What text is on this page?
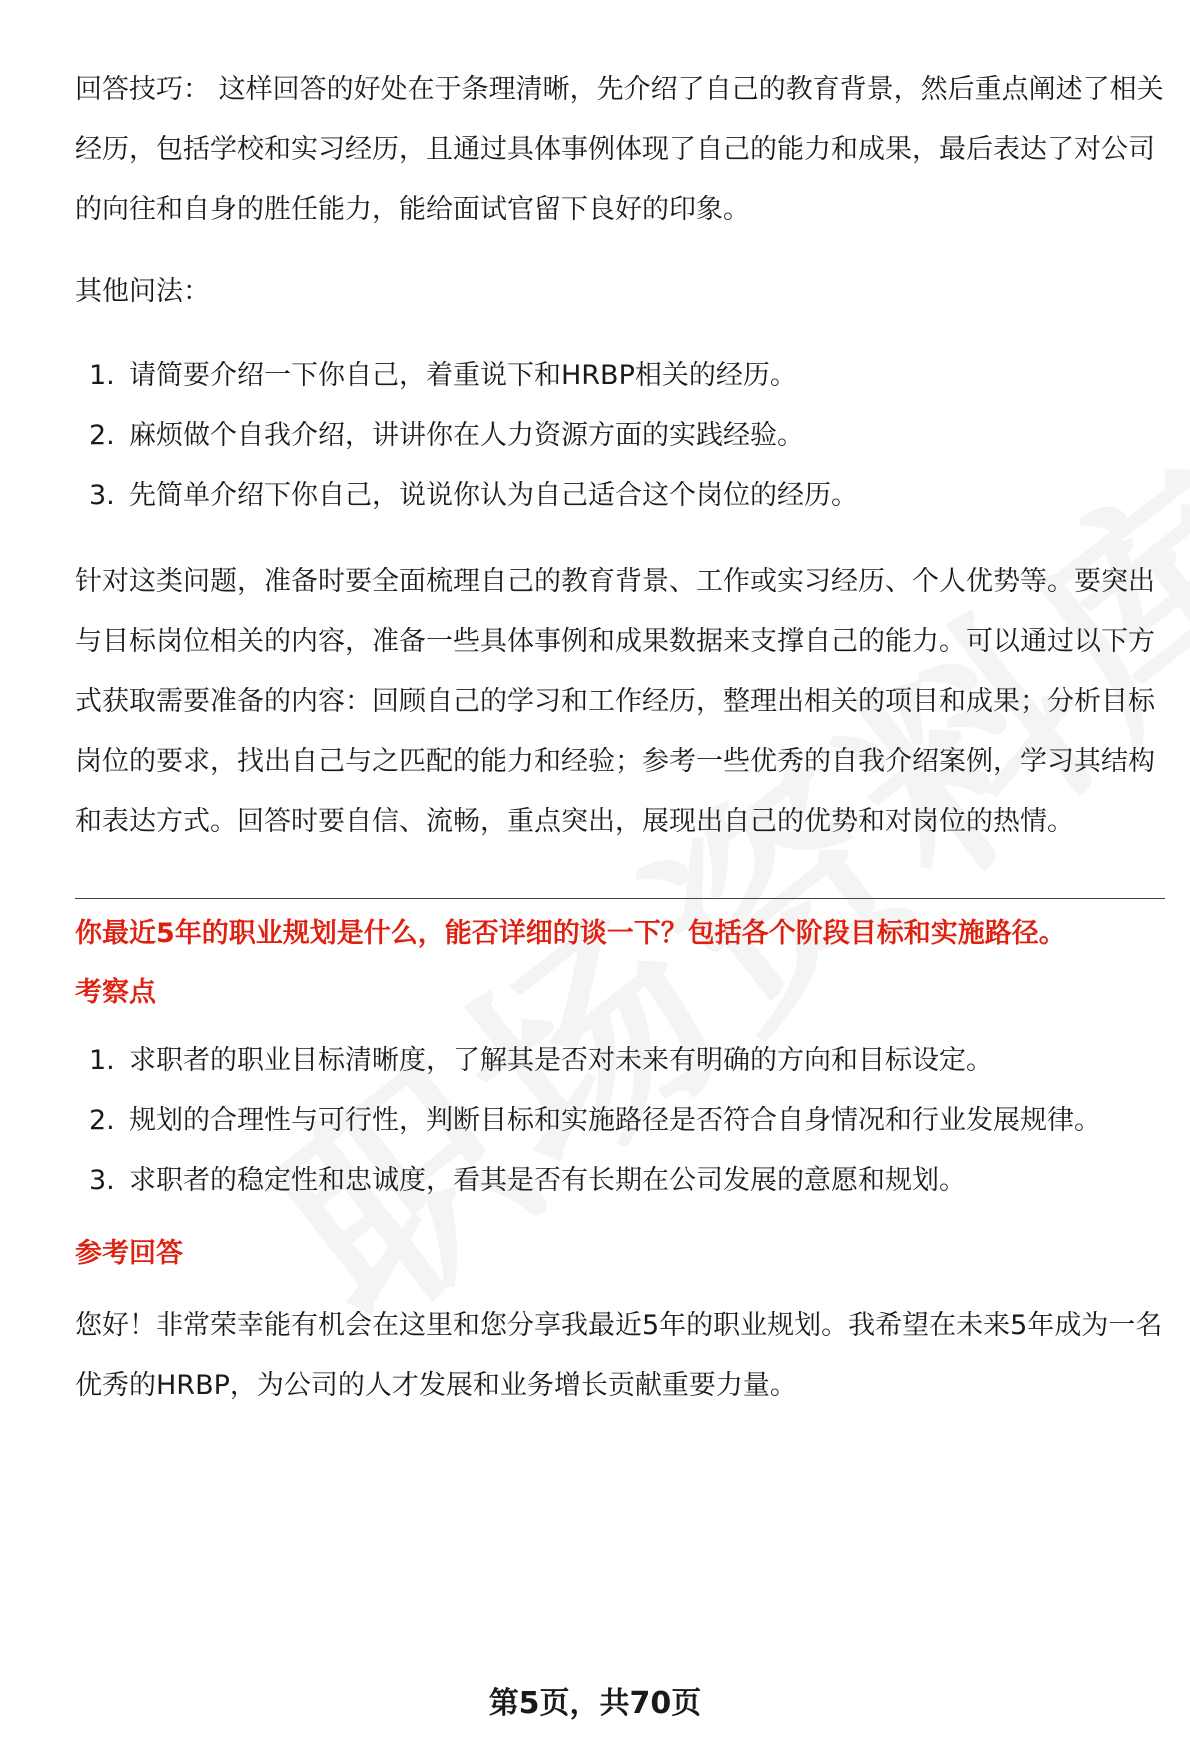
回答技巧： 这样回答的好处在于条理清晰，先介绍了自己的教育背景，然后重点阐述了相关经历，包括学校和实习经历，且通过具体事例体现了自己的能力和成果，最后表达了对公司的向往和自身的胜任能力，能给面试官留下良好的印象。

其他问法：

1. 请简要介绍一下你自己，着重说下和HRBP相关的经历。
2. 麻烦做个自我介绍，讲讲你在人力资源方面的实践经验。
3. 先简单介绍下你自己，说说你认为自己适合这个岗位的经历。

针对这类问题，准备时要全面梳理自己的教育背景、工作或实习经历、个人优势等。要突出与目标岗位相关的内容，准备一些具体事例和成果数据来支撑自己的能力。可以通过以下方式获取需要准备的内容：回顾自己的学习和工作经历，整理出相关的项目和成果；分析目标岗位的要求，找出自己与之匹配的能力和经验；参考一些优秀的自我介绍案例，学习其结构和表达方式。回答时要自信、流畅，重点突出，展现出自己的优势和对岗位的热情。

你最近5年的职业规划是什么，能否详细的谈一下？包括各个阶段目标和实施路径。
考察点
1. 求职者的职业目标清晰度，了解其是否对未来有明确的方向和目标设定。
2. 规划的合理性与可行性，判断目标和实施路径是否符合自身情况和行业发展规律。
3. 求职者的稳定性和忠诚度，看其是否有长期在公司发展的意愿和规划。
参考回答

您好！非常荣幸能有机会在这里和您分享我最近5年的职业规划。我希望在未来5年成为一名优秀的HRBP，为公司的人才发展和业务增长贡献重要力量。

第5页，共70页
